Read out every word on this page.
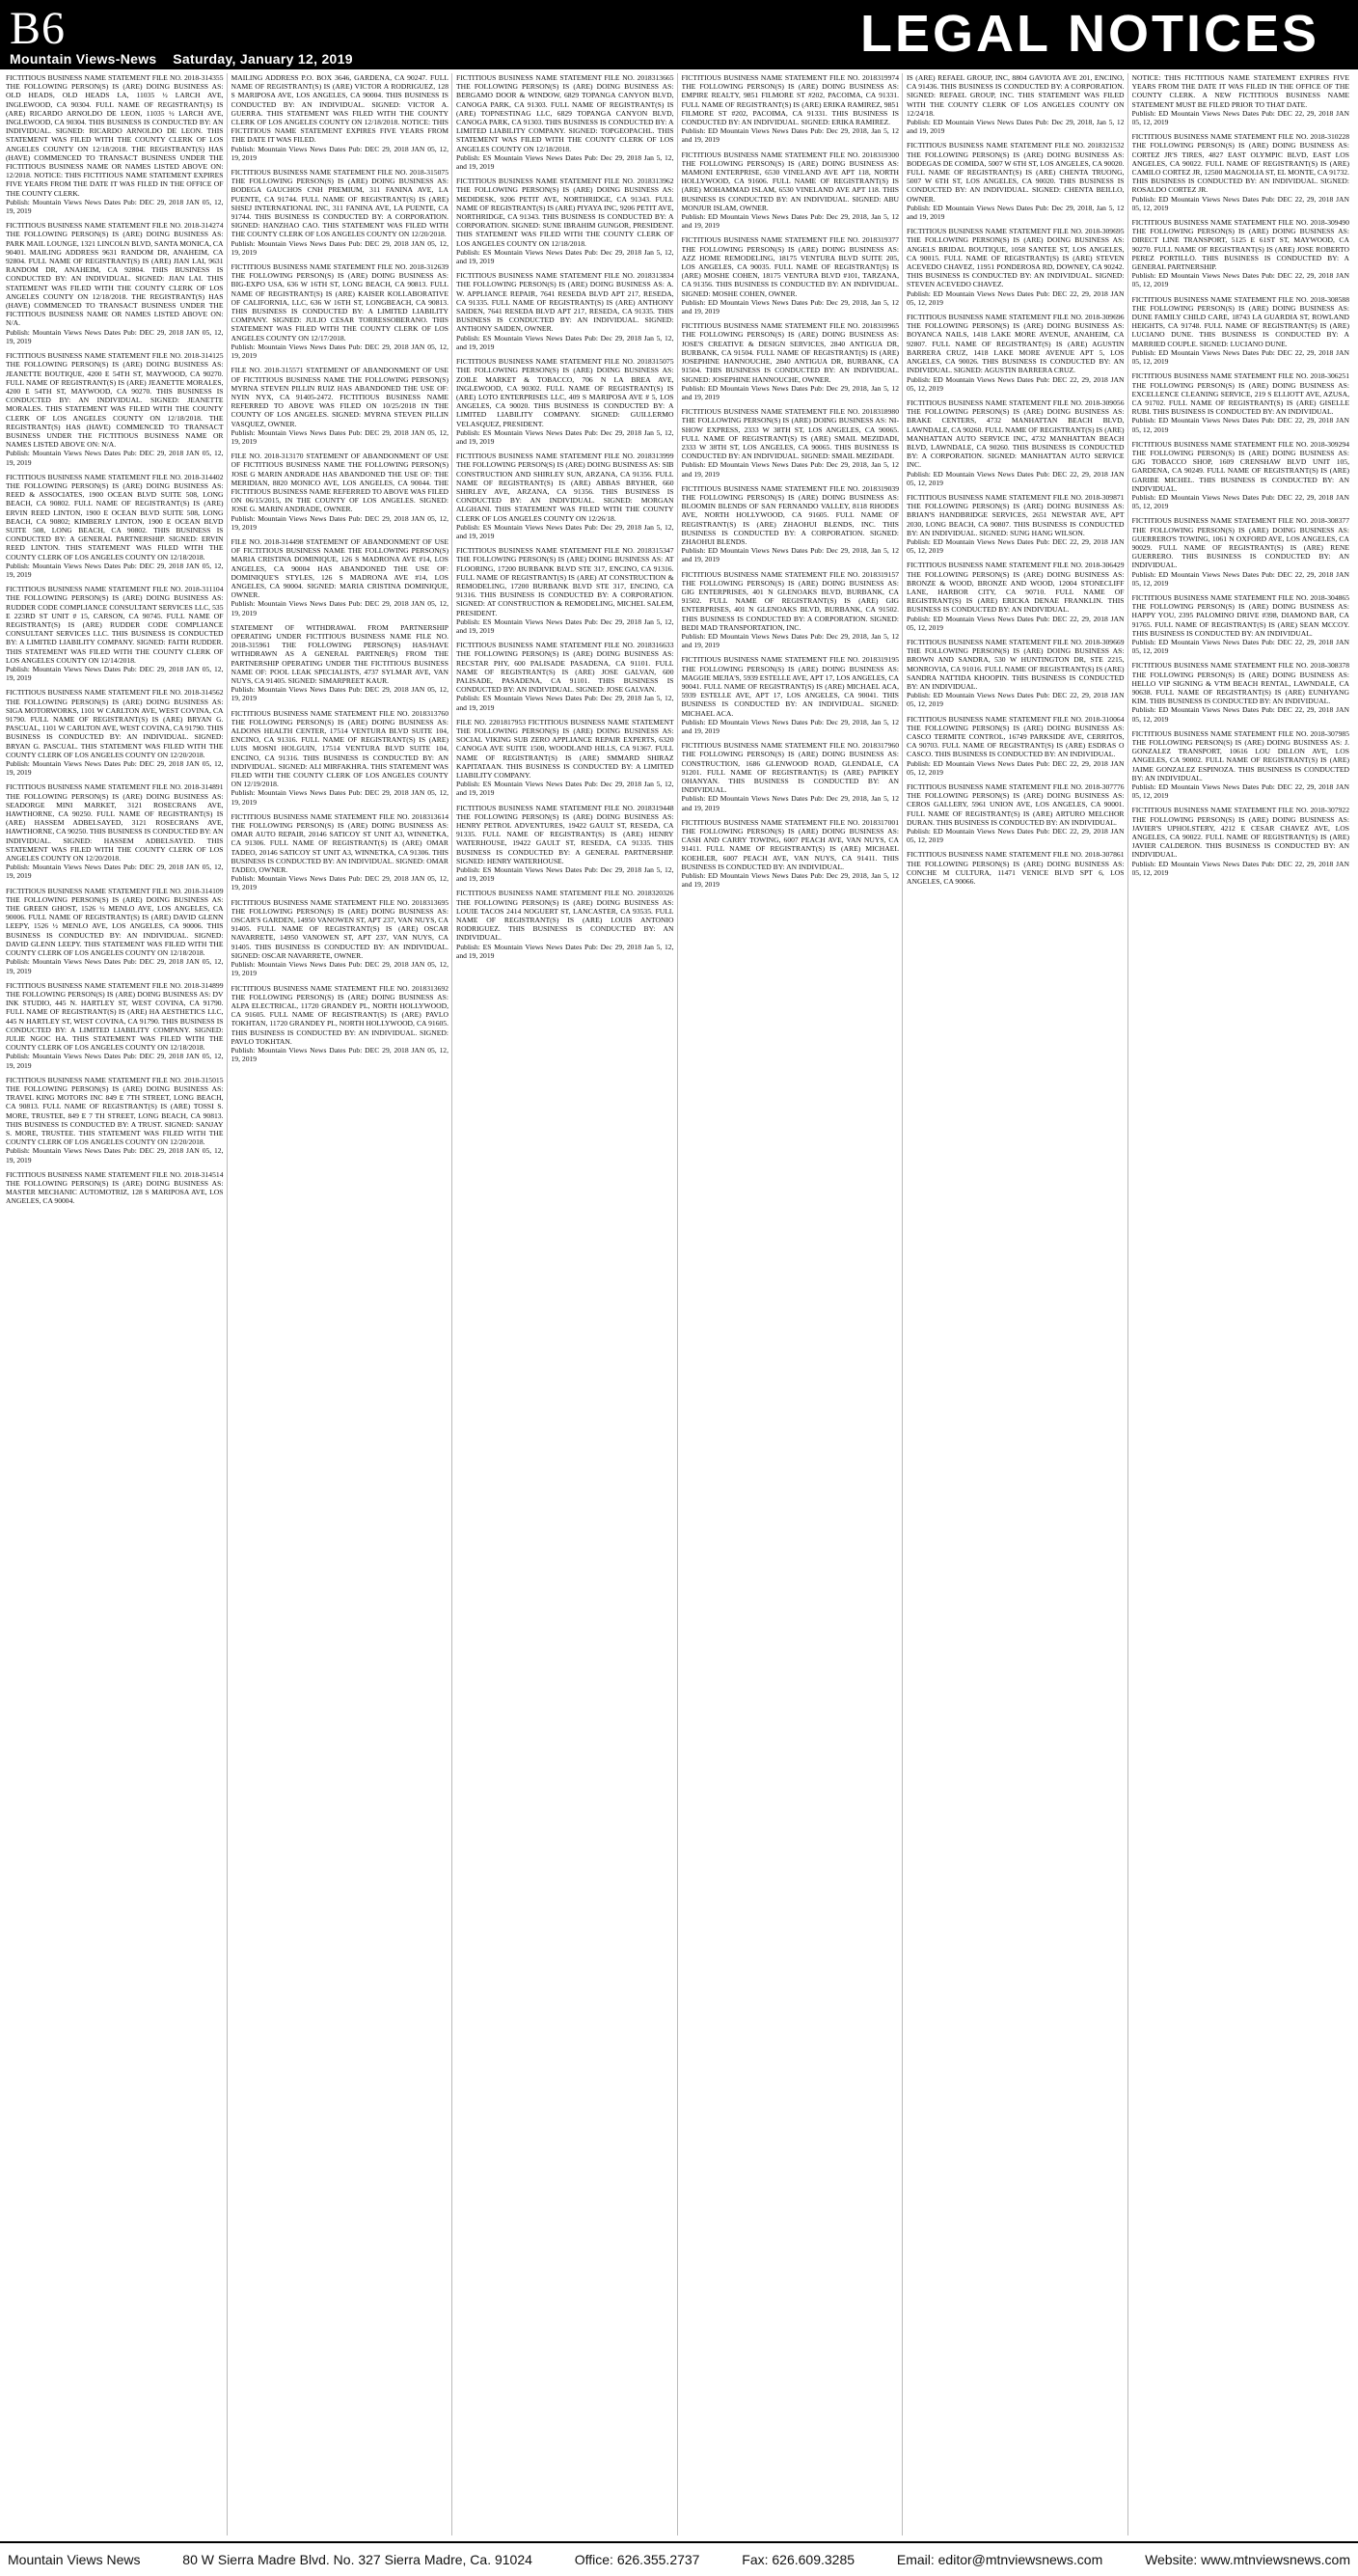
B6	LEGAL NOTICES
Mountain Views-News Saturday, January 12, 2019
FICTITIOUS BUSINESS NAME STATEMENT FILE NO. 2018-314355 THE FOLLOWING PERSON(S) IS (ARE) DOING BUSINESS AS: OLD HEADS, OLD HEADS LA, 11035 ½ LARCH AVE, INGLEWOOD, CA 90304. FULL NAME OF REGISTRANT(S) IS (ARE) RICARDO ARNOLDO DE LEON, 11035 ½ LARCH AVE, INGLEWOOD, CA 90304. THIS BUSINESS IS CONDUCTED BY: AN INDIVIDUAL. SIGNED: RICARDO ARNOLDO DE LEON. THIS STATEMENT WAS FILED WITH THE COUNTY CLERK OF LOS ANGELES COUNTY ON 12/18/2018. THE REGISTRANT(S) HAS (HAVE) COMMENCED TO TRANSACT BUSINESS UNDER THE FICTITIOUS BUSINESS NAME OR NAMES LISTED ABOVE ON: 12/2018. NOTICE: THIS FICTITIOUS NAME STATEMENT EXPIRES FIVE YEARS FROM THE DATE IT WAS FILED IN THE OFFICE OF THE COUNTY CLERK.
Publish: Mountain Views News Dates Pub: DEC 29, 2018 JAN 05, 12, 19, 2019
FICTITIOUS BUSINESS NAME STATEMENT FILE NO. 2018-314274 THE FOLLOWING PERSON(S) IS (ARE) DOING BUSINESS AS: PARK MAIL LOUNGE, 1321 LINCOLN BLVD, SANTA MONICA, CA 90401. MAILING ADDRESS 9631 RANDOM DR, ANAHEIM, CA 92804. FULL NAME OF REGISTRANT(S) IS (ARE) JIAN LAI, 9631 RANDOM DR, ANAHEIM, CA 92804. THIS BUSINESS IS CONDUCTED BY: AN INDIVIDUAL. SIGNED: JIAN LAI. THIS STATEMENT WAS FILED WITH THE COUNTY CLERK OF LOS ANGELES COUNTY ON 12/18/2018. THE REGISTRANT(S) HAS (HAVE) COMMENCED TO TRANSACT BUSINESS UNDER THE FICTITIOUS BUSINESS NAME OR NAMES LISTED ABOVE ON: N/A.
Publish: Mountain Views News Dates Pub: DEC 29, 2018 JAN 05, 12, 19, 2019
FICTITIOUS BUSINESS NAME STATEMENT FILE NO. 2018-314125 THE FOLLOWING PERSON(S) IS (ARE) DOING BUSINESS AS: JEANETTE BOUTIQUE, 4200 E 54TH ST, MAYWOOD, CA 90270. FULL NAME OF REGISTRANT(S) IS (ARE) JEANETTE MORALES, 4200 E 54TH ST, MAYWOOD, CA 90270. THIS BUSINESS IS CONDUCTED BY: AN INDIVIDUAL. SIGNED: JEANETTE MORALES. THIS STATEMENT WAS FILED WITH THE COUNTY CLERK OF LOS ANGELES COUNTY ON 12/18/2018. THE REGISTRANT(S) HAS (HAVE) COMMENCED TO TRANSACT BUSINESS UNDER THE FICTITIOUS BUSINESS NAME OR NAMES LISTED ABOVE ON: N/A.
Publish: Mountain Views News Dates Pub: DEC 29, 2018 JAN 05, 12, 19, 2019
FICTITIOUS BUSINESS NAME STATEMENT FILE NO. 2018-314402 THE FOLLOWING PERSON(S) IS (ARE) DOING BUSINESS AS: REED & ASSOCIATES, 1900 OCEAN BLVD SUITE 508, LONG BEACH, CA 90802. FULL NAME OF REGISTRANT(S) IS (ARE) ERVIN REED LINTON, 1900 E OCEAN BLVD SUITE 508, LONG BEACH, CA 90802; KIMBERLY LINTON, 1900 E OCEAN BLVD SUITE 508, LONG BEACH, CA 90802. THIS BUSINESS IS CONDUCTED BY: A GENERAL PARTNERSHIP. SIGNED: ERVIN REED LINTON. THIS STATEMENT WAS FILED WITH THE COUNTY CLERK OF LOS ANGELES COUNTY ON 12/18/2018.
Publish: Mountain Views News Dates Pub: DEC 29, 2018 JAN 05, 12, 19, 2019
FICTITIOUS BUSINESS NAME STATEMENT FILE NO. 2018-311104 THE FOLLOWING PERSON(S) IS (ARE) DOING BUSINESS AS: RUDDER CODE COMPLIANCE CONSULTANT SERVICES LLC, 535 E 223RD ST UNIT # 15, CARSON, CA 90745. FULL NAME OF REGISTRANT(S) IS (ARE) RUDDER CODE COMPLIANCE CONSULTANT SERVICES LLC. THIS BUSINESS IS CONDUCTED BY: A LIMITED LIABILITY COMPANY. SIGNED: FAITH RUDDER. THIS STATEMENT WAS FILED WITH THE COUNTY CLERK OF LOS ANGELES COUNTY ON 12/14/2018.
Publish: Mountain Views News Dates Pub: DEC 29, 2018 JAN 05, 12, 19, 2019
FICTITIOUS BUSINESS NAME STATEMENT FILE NO. 2018-314562 THE FOLLOWING PERSON(S) IS (ARE) DOING BUSINESS AS: SIGA MOTORWORKS, 1101 W CARLTON AVE, WEST COVINA, CA 91790. FULL NAME OF REGISTRANT(S) IS (ARE) BRYAN G. PASCUAL, 1101 W CARLTON AVE, WEST COVINA, CA 91790. THIS BUSINESS IS CONDUCTED BY: AN INDIVIDUAL. SIGNED: BRYAN G. PASCUAL. THIS STATEMENT WAS FILED WITH THE COUNTY CLERK OF LOS ANGELES COUNTY ON 12/20/2018.
Publish: Mountain Views News Dates Pub: DEC 29, 2018 JAN 05, 12, 19, 2019
FICTITIOUS BUSINESS NAME STATEMENT FILE NO. 2018-314891 THE FOLLOWING PERSON(S) IS (ARE) DOING BUSINESS AS: SEADORGE MINI MARKET, 3121 ROSECRANS AVE, HAWTHORNE, CA 90250. FULL NAME OF REGISTRANT(S) IS (ARE) HASSEM ADBELSAYED, 3121 ROSECRANS AVE, HAWTHORNE, CA 90250. THIS BUSINESS IS CONDUCTED BY: AN INDIVIDUAL. SIGNED: HASSEM ADBELSAYED. THIS STATEMENT WAS FILED WITH THE COUNTY CLERK OF LOS ANGELES COUNTY ON 12/20/2018.
Publish: Mountain Views News Dates Pub: DEC 29, 2018 JAN 05, 12, 19, 2019
FICTITIOUS BUSINESS NAME STATEMENT FILE NO. 2018-314109 THE FOLLOWING PERSON(S) IS (ARE) DOING BUSINESS AS: THE GREEN GHOST, 1526 ½ MENLO AVE, LOS ANGELES, CA 90006. FULL NAME OF REGISTRANT(S) IS (ARE) DAVID GLENN LEEPY, 1526 ½ MENLO AVE, LOS ANGELES, CA 90006. THIS BUSINESS IS CONDUCTED BY: AN INDIVIDUAL. SIGNED: DAVID GLENN LEEPY. THIS STATEMENT WAS FILED WITH THE COUNTY CLERK OF LOS ANGELES COUNTY ON 12/18/2018.
Publish: Mountain Views News Dates Pub: DEC 29, 2018 JAN 05, 12, 19, 2019
FICTITIOUS BUSINESS NAME STATEMENT FILE NO. 2018-314899 THE FOLLOWING PERSON(S) IS (ARE) DOING BUSINESS AS: DV INK STUDIO, 445 N. HARTLEY ST, WEST COVINA, CA 91790. FULL NAME OF REGISTRANT(S) IS (ARE) HA AESTHETICS LLC, 445 N HARTLEY ST, WEST COVINA, CA 91790. THIS BUSINESS IS CONDUCTED BY: A LIMITED LIABILITY COMPANY. SIGNED: JULIE NGOC HA. THIS STATEMENT WAS FILED WITH THE COUNTY CLERK OF LOS ANGELES COUNTY ON 12/18/2018.
Publish: Mountain Views News Dates Pub: DEC 29, 2018 JAN 05, 12, 19, 2019
FICTITIOUS BUSINESS NAME STATEMENT FILE NO. 2018-315015 THE FOLLOWING PERSON(S) IS (ARE) DOING BUSINESS AS: TRAVEL KING MOTORS INC 849 E 7TH STREET, LONG BEACH, CA 90813. FULL NAME OF REGISTRANT(S) IS (ARE) TOSSI S. MORE, TRUSTEE, 849 E 7 TH STREET, LONG BEACH, CA 90813. THIS BUSINESS IS CONDUCTED BY: A TRUST. SIGNED: SANJAY S. MORE, TRUSTEE. THIS STATEMENT WAS FILED WITH THE COUNTY CLERK OF LOS ANGELES COUNTY ON 12/20/2018.
Publish: Mountain Views News Dates Pub: DEC 29, 2018 JAN 05, 12, 19, 2019
FICTITIOUS BUSINESS NAME STATEMENT FILE NO. 2018-314514 THE FOLLOWING PERSON(S) IS (ARE) DOING BUSINESS AS: MASTER MECHANIC AUTOMOTRIZ, 128 S MARIPOSA AVE, LOS ANGELES, CA 90004.
MAILING ADDRESS P.O. BOX 3646, GARDENA, CA 90247. FULL NAME OF REGISTRANT(S) IS (ARE) VICTOR A RODRIGUEZ, 128 S MARIPOSA AVE, LOS ANGELES, CA 90004. THIS BUSINESS IS CONDUCTED BY: AN INDIVIDUAL. SIGNED: VICTOR A. GUERRA. THIS STATEMENT WAS FILED WITH THE COUNTY CLERK OF LOS ANGELES COUNTY ON 12/18/2018. NOTICE: THIS FICTITIOUS NAME STATEMENT EXPIRES FIVE YEARS FROM THE DATE IT WAS FILED.
Publish: Mountain Views News Dates Pub: DEC 29, 2018 JAN 05, 12, 19, 2019
FICTITIOUS BUSINESS NAME STATEMENT FILE NO. 2018-315075 THE FOLLOWING PERSON(S) IS (ARE) DOING BUSINESS AS: BODEGA GAUCHOS CNH PREMIUM, 311 FANINA AVE, LA PUENTE, CA 91744. FULL NAME OF REGISTRANT(S) IS (ARE) SHSEJ INTERNATIONAL INC, 311 FANINA AVE, LA PUENTE, CA 91744. THIS BUSINESS IS CONDUCTED BY: A CORPORATION. SIGNED: HANZHAO CAO. THIS STATEMENT WAS FILED WITH THE COUNTY CLERK OF LOS ANGELES COUNTY ON 12/20/2018.
Publish: Mountain Views News Dates Pub: DEC 29, 2018 JAN 05, 12, 19, 2019
FICTITIOUS BUSINESS NAME STATEMENT FILE NO. 2018-312639 THE FOLLOWING PERSON(S) IS (ARE) DOING BUSINESS AS: BIG-EXPO USA, 636 W 16TH ST, LONG BEACH, CA 90813. FULL NAME OF REGISTRANT(S) IS (ARE) KAISER KOLLABORATIVE OF CALIFORNIA, LLC, 636 W 16TH ST, LONGBEACH, CA 90813. THIS BUSINESS IS CONDUCTED BY: A LIMITED LIABILITY COMPANY. SIGNED: JULIO CESAR TORRESSOBERANO. THIS STATEMENT WAS FILED WITH THE COUNTY CLERK OF LOS ANGELES COUNTY ON 12/17/2018.
Publish: Mountain Views News Dates Pub: DEC 29, 2018 JAN 05, 12, 19, 2019
FILE NO. 2018-315571 STATEMENT OF ABANDONMENT OF USE OF FICTITIOUS BUSINESS NAME THE FOLLOWING PERSON(S) MYRNA STEVEN PILLIN RUIZ HAS ABANDONED THE USE OF: NYIN NYX, CA 91405-2472. FICTITIOUS BUSINESS NAME REFERRED TO ABOVE WAS FILED ON 10/25/2018 IN THE COUNTY OF LOS ANGELES. SIGNED: MYRNA STEVEN PILLIN VASQUEZ, OWNER.
Publish: Mountain Views News Dates Pub: DEC 29, 2018 JAN 05, 12, 19, 2019
FILE NO. 2018-313170 STATEMENT OF ABANDONMENT OF USE OF FICTITIOUS BUSINESS NAME THE FOLLOWING PERSON(S) JOSE G MARIN ANDRADE HAS ABANDONED THE USE OF: THE MERIDIAN, 8820 MONICO AVE, LOS ANGELES, CA 90044. THE FICTITIOUS BUSINESS NAME REFERRED TO ABOVE WAS FILED ON 06/15/2015, IN THE COUNTY OF LOS ANGELES. SIGNED: JOSE G. MARIN ANDRADE, OWNER.
Publish: Mountain Views News Dates Pub: DEC 29, 2018 JAN 05, 12, 19, 2019
FILE NO. 2018-314498 STATEMENT OF ABANDONMENT OF USE OF FICTITIOUS BUSINESS NAME THE FOLLOWING PERSON(S) MARIA CRISTINA DOMINIQUE, 126 S MADRONA AVE #14, LOS ANGELES, CA 90004 HAS ABANDONED THE USE OF: DOMINIQUE'S STYLES, 126 S MADRONA AVE #14, LOS ANGELES, CA 90004. SIGNED: MARIA CRISTINA DOMINIQUE, OWNER.
Publish: Mountain Views News Dates Pub: DEC 29, 2018 JAN 05, 12, 19, 2019
STATEMENT OF WITHDRAWAL FROM PARTNERSHIP OPERATING UNDER FICTITIOUS BUSINESS NAME FILE NO. 2018-315961 THE FOLLOWING PERSON(S) HAS/HAVE WITHDRAWN AS A GENERAL PARTNER(S) FROM THE PARTNERSHIP OPERATING UNDER THE FICTITIOUS BUSINESS NAME OF: POOL LEAK SPECIALISTS, 4737 SYLMAR AVE, VAN NUYS, CA 91405. SIGNED: SIMARPREET KAUR.
Publish: Mountain Views News Dates Pub: DEC 29, 2018 JAN 05, 12, 19, 2019
FICTITIOUS BUSINESS NAME STATEMENT FILE NO. 2018313760 THE FOLLOWING PERSON(S) IS (ARE) DOING BUSINESS AS: ALDONS HEALTH CENTER, 17514 VENTURA BLVD SUITE 104, ENCINO, CA 91316. FULL NAME OF REGISTRANT(S) IS (ARE) LUIS MOSNI HOLGUIN, 17514 VENTURA BLVD SUITE 104, ENCINO, CA 91316. THIS BUSINESS IS CONDUCTED BY: AN INDIVIDUAL. SIGNED: ALI MIRFAKHRA. THIS STATEMENT WAS FILED WITH THE COUNTY CLERK OF LOS ANGELES COUNTY ON 12/19/2018.
Publish: Mountain Views News Dates Pub: DEC 29, 2018 JAN 05, 12, 19, 2019
FICTITIOUS BUSINESS NAME STATEMENT FILE NO. 2018313614 THE FOLLOWING PERSON(S) IS (ARE) DOING BUSINESS AS: OMAR AUTO REPAIR, 20146 SATICOY ST UNIT A3, WINNETKA, CA 91306. FULL NAME OF REGISTRANT(S) IS (ARE) OMAR TADEO, 20146 SATICOY ST UNIT A3, WINNETKA, CA 91306. THIS BUSINESS IS CONDUCTED BY: AN INDIVIDUAL. SIGNED: OMAR TADEO, OWNER.
Publish: Mountain Views News Dates Pub: DEC 29, 2018 JAN 05, 12, 19, 2019
FICTITIOUS BUSINESS NAME STATEMENT FILE NO. 2018313695 THE FOLLOWING PERSON(S) IS (ARE) DOING BUSINESS AS: OSCAR'S GARDEN, 14950 VANOWEN ST, APT 237, VAN NUYS, CA 91405. FULL NAME OF REGISTRANT(S) IS (ARE) OSCAR NAVARRETE, 14950 VANOWEN ST, APT 237, VAN NUYS, CA 91405. THIS BUSINESS IS CONDUCTED BY: AN INDIVIDUAL. SIGNED: OSCAR NAVARRETE, OWNER.
Publish: Mountain Views News Dates Pub: DEC 29, 2018 JAN 05, 12, 19, 2019
FICTITIOUS BUSINESS NAME STATEMENT FILE NO. 2018313692 THE FOLLOWING PERSON(S) IS (ARE) DOING BUSINESS AS: ALPA ELECTRICAL, 11720 GRANDEY PL, NORTH HOLLYWOOD, CA 91605. FULL NAME OF REGISTRANT(S) IS (ARE) PAVLO TOKHTAN, 11720 GRANDEY PL, NORTH HOLLYWOOD, CA 91605. THIS BUSINESS IS CONDUCTED BY: AN INDIVIDUAL. SIGNED: PAVLO TOKHTAN.
Publish: Mountain Views News Dates Pub: DEC 29, 2018 JAN 05, 12, 19, 2019
FICTITIOUS BUSINESS NAME STATEMENT FILE NO. 2018313665 THE FOLLOWING PERSON(S) IS (ARE) DOING BUSINESS AS: BERGAMO DOOR & WINDOW, 6829 TOPANGA CANYON BLVD, CANOGA PARK, CA 91303. FULL NAME OF REGISTRANT(S) IS (ARE) TOPNESTINAG LLC, 6829 TOPANGA CANYON BLVD, CANOGA PARK, CA 91303. THIS BUSINESS IS CONDUCTED BY: A LIMITED LIABILITY COMPANY. SIGNED: TOPGEOPACHL. THIS STATEMENT WAS FILED WITH THE COUNTY CLERK OF LOS ANGELES COUNTY ON 12/18/2018.
Publish: ES Mountain Views News Dates Pub: Dec 29, 2018 Jan 5, 12, and 19, 2019
FICTITIOUS BUSINESS NAME STATEMENT FILE NO. 2018313962 THE FOLLOWING PERSON(S) IS (ARE) DOING BUSINESS AS: MEDIDESK, 9206 PETIT AVE, NORTHRIDGE, CA 91343. FULL NAME OF REGISTRANT(S) IS (ARE) PIYAYA INC, 9206 PETIT AVE, NORTHRIDGE, CA 91343. THIS BUSINESS IS CONDUCTED BY: A CORPORATION. SIGNED: SUNE IBRAHIM GUNGOR, PRESIDENT. THIS STATEMENT WAS FILED WITH THE COUNTY CLERK OF LOS ANGELES COUNTY ON 12/18/2018.
Publish: ES Mountain Views News Dates Pub: Dec 29, 2018 Jan 5, 12, and 19, 2019
FICTITIOUS BUSINESS NAME STATEMENT FILE NO. 2018313834 THE FOLLOWING PERSON(S) IS (ARE) DOING BUSINESS AS: A. W. APPLIANCE REPAIR, 7641 RESEDA BLVD APT 217, RESEDA, CA 91335. FULL NAME OF REGISTRANT(S) IS (ARE) ANTHONY SAIDEN, 7641 RESEDA BLVD APT 217, RESEDA, CA 91335. THIS BUSINESS IS CONDUCTED BY: AN INDIVIDUAL. SIGNED: ANTHONY SAIDEN, OWNER.
Publish: ES Mountain Views News Dates Pub: Dec 29, 2018 Jan 5, 12, and 19, 2019
FICTITIOUS BUSINESS NAME STATEMENT FILE NO. 2018315075 THE FOLLOWING PERSON(S) IS (ARE) DOING BUSINESS AS: ZOILE MARKET & TOBACCO, 706 N LA BREA AVE, INGLEWOOD, CA 90302. FULL NAME OF REGISTRANT(S) IS (ARE) LOTO ENTERPRISES LLC, 409 S MARIPOSA AVE # 5, LOS ANGELES, CA 90020. THIS BUSINESS IS CONDUCTED BY: A LIMITED LIABILITY COMPANY. SIGNED: GUILLERMO VELASQUEZ, PRESIDENT.
Publish: ES Mountain Views News Dates Pub: Dec 29, 2018 Jan 5, 12, and 19, 2019
FICTITIOUS BUSINESS NAME STATEMENT FILE NO. 2018313999 THE FOLLOWING PERSON(S) IS (ARE) DOING BUSINESS AS: SIB CONSTRUCTION AND SHIRLEY SUN, ARZANA, CA 91356. FULL NAME OF REGISTRANT(S) IS (ARE) ABBAS BRYHER, 660 SHIRLEY AVE, ARZANA, CA 91356. THIS BUSINESS IS CONDUCTED BY: AN INDIVIDUAL. SIGNED: MORGAN ALGHANI. THIS STATEMENT WAS FILED WITH THE COUNTY CLERK OF LOS ANGELES COUNTY ON 12/26/18.
Publish: ES Mountain Views News Dates Pub: Dec 29, 2018 Jan 5, 12, and 19, 2019
FICTITIOUS BUSINESS NAME STATEMENT FILE NO. 2018315347 THE FOLLOWING PERSON(S) IS (ARE) DOING BUSINESS AS: AT FLOORING, 17200 BURBANK BLVD STE 317, ENCINO, CA 91316. FULL NAME OF REGISTRANT(S) IS (ARE) AT CONSTRUCTION & REMODELING, 17200 BURBANK BLVD STE 317, ENCINO, CA 91316. THIS BUSINESS IS CONDUCTED BY: A CORPORATION. SIGNED: AT CONSTRUCTION & REMODELING, MICHEL SALEM, PRESIDENT.
Publish: ES Mountain Views News Dates Pub: Dec 29, 2018 Jan 5, 12, and 19, 2019
FICTITIOUS BUSINESS NAME STATEMENT FILE NO. 2018316633 THE FOLLOWING PERSON(S) IS (ARE) DOING BUSINESS AS: RECSTAR PHY, 600 PALISADE PASADENA, CA 91101. FULL NAME OF REGISTRANT(S) IS (ARE) JOSE GALVAN, 600 PALISADE, PASADENA, CA 91101. THIS BUSINESS IS CONDUCTED BY: AN INDIVIDUAL. SIGNED: JOSE GALVAN.
Publish: ES Mountain Views News Dates Pub: Dec 29, 2018 Jan 5, 12, and 19, 2019
FILE NO. 2201817953 FICTITIOUS BUSINESS NAME STATEMENT THE FOLLOWING PERSON(S) IS (ARE) DOING BUSINESS AS: SOCIAL VIKING SUB ZERO APPLIANCE REPAIR EXPERTS, 6320 CANOGA AVE SUITE 1500, WOODLAND HILLS, CA 91367. FULL NAME OF REGISTRANT(S) IS (ARE) SMMARD SHIRAZ KAPITATAAN. THIS BUSINESS IS CONDUCTED BY: A LIMITED LIABILITY COMPANY.
Publish: ES Mountain Views News Dates Pub: Dec 29, 2018 Jan 5, 12, and 19, 2019
FICTITIOUS BUSINESS NAME STATEMENT FILE NO. 2018319448 THE FOLLOWING PERSON(S) IS (ARE) DOING BUSINESS AS: HENRY PETROL ADVENTURES, 19422 GAULT ST, RESEDA, CA 91335. FULL NAME OF REGISTRANT(S) IS (ARE) HENRY WATERHOUSE, 19422 GAULT ST, RESEDA, CA 91335. THIS BUSINESS IS CONDUCTED BY: A GENERAL PARTNERSHIP. SIGNED: HENRY WATERHOUSE.
Publish: ES Mountain Views News Dates Pub: Dec 29, 2018 Jan 5, 12, and 19, 2019
FICTITIOUS BUSINESS NAME STATEMENT FILE NO. 2018320326 THE FOLLOWING PERSON(S) IS (ARE) DOING BUSINESS AS: LOUIE TACOS 2414 NOGUERT ST, LANCASTER, CA 93535. FULL NAME OF REGISTRANT(S) IS (ARE) LOUIS ANTONIO RODRIGUEZ. THIS BUSINESS IS CONDUCTED BY: AN INDIVIDUAL.
Publish: ES Mountain Views News Dates Pub: Dec 29, 2018 Jan 5, 12, and 19, 2019
FICTITIOUS BUSINESS NAME STATEMENT FILE NO. 2018319974 THE FOLLOWING PERSON(S) IS (ARE) DOING BUSINESS AS: EMPIRE REALTY, 9851 FILMORE ST #202, PACOIMA, CA 91331. FULL NAME OF REGISTRANT(S) IS (ARE) ERIKA RAMIREZ, 9851 FILMORE ST #202, PACOIMA, CA 91331. THIS BUSINESS IS CONDUCTED BY: AN INDIVIDUAL. SIGNED: ERIKA RAMIREZ.
Publish: ED Mountain Views News Dates Pub: Dec 29, 2018, Jan 5, 12 and 19, 2019
FICTITIOUS BUSINESS NAME STATEMENT FILE NO. 2018319300 THE FOLLOWING PERSON(S) IS (ARE) DOING BUSINESS AS: MAMONI ENTERPRISE, 6530 VINELAND AVE APT 118, NORTH HOLLYWOOD, CA 91606. FULL NAME OF REGISTRANT(S) IS (ARE) MOHAMMAD ISLAM, 6530 VINELAND AVE APT 118. THIS BUSINESS IS CONDUCTED BY: AN INDIVIDUAL. SIGNED: ABU MONJUR ISLAM, OWNER.
Publish: ED Mountain Views News Dates Pub: Dec 29, 2018, Jan 5, 12 and 19, 2019
FICTITIOUS BUSINESS NAME STATEMENT FILE NO. 2018319377 THE FOLLOWING PERSON(S) IS (ARE) DOING BUSINESS AS: AZZ HOME REMODELING, 18175 VENTURA BLVD SUITE 205, LOS ANGELES, CA 90035. FULL NAME OF REGISTRANT(S) IS (ARE) MOSHE COHEN, 18175 VENTURA BLVD #101, TARZANA, CA 91356. THIS BUSINESS IS CONDUCTED BY: AN INDIVIDUAL. SIGNED: MOSHE COHEN, OWNER.
Publish: ED Mountain Views News Dates Pub: Dec 29, 2018, Jan 5, 12 and 19, 2019
FICTITIOUS BUSINESS NAME STATEMENT FILE NO. 2018319965 THE FOLLOWING PERSON(S) IS (ARE) DOING BUSINESS AS: JOSE'S CREATIVE & DESIGN SERVICES, 2840 ANTIGUA DR, BURBANK, CA 91504. FULL NAME OF REGISTRANT(S) IS (ARE) JOSEPHINE HANNOUCHE, 2840 ANTIGUA DR, BURBANK, CA 91504. THIS BUSINESS IS CONDUCTED BY: AN INDIVIDUAL. SIGNED: JOSEPHINE HANNOUCHE, OWNER.
Publish: ED Mountain Views News Dates Pub: Dec 29, 2018, Jan 5, 12 and 19, 2019
FICTITIOUS BUSINESS NAME STATEMENT FILE NO. 2018318980 THE FOLLOWING PERSON(S) IS (ARE) DOING BUSINESS AS: NI-SHOW EXPRESS, 2333 W 38TH ST, LOS ANGELES, CA 90065. FULL NAME OF REGISTRANT(S) IS (ARE) SMAIL MEZIDADI, 2333 W 38TH ST, LOS ANGELES, CA 90065. THIS BUSINESS IS CONDUCTED BY: AN INDIVIDUAL. SIGNED: SMAIL MEZIDADI.
Publish: ED Mountain Views News Dates Pub: Dec 29, 2018, Jan 5, 12 and 19, 2019
FICTITIOUS BUSINESS NAME STATEMENT FILE NO. 2018319039 THE FOLLOWING PERSON(S) IS (ARE) DOING BUSINESS AS: BLOOMIN BLENDS OF SAN FERNANDO VALLEY, 8118 RHODES AVE, NORTH HOLLYWOOD, CA 91605. FULL NAME OF REGISTRANT(S) IS (ARE) ZHAOHUI BLENDS, INC. THIS BUSINESS IS CONDUCTED BY: A CORPORATION. SIGNED: ZHAOHUI BLENDS.
Publish: ED Mountain Views News Dates Pub: Dec 29, 2018, Jan 5, 12 and 19, 2019
FICTITIOUS BUSINESS NAME STATEMENT FILE NO. 2018319157 THE FOLLOWING PERSON(S) IS (ARE) DOING BUSINESS AS: GIG ENTERPRISES, 401 N GLENOAKS BLVD, BURBANK, CA 91502. FULL NAME OF REGISTRANT(S) IS (ARE) GIG ENTERPRISES, 401 N GLENOAKS BLVD, BURBANK, CA 91502. THIS BUSINESS IS CONDUCTED BY: A CORPORATION. SIGNED: BEDI MAD TRANSPORTATION, INC.
Publish: ED Mountain Views News Dates Pub: Dec 29, 2018, Jan 5, 12 and 19, 2019
FICTITIOUS BUSINESS NAME STATEMENT FILE NO. 2018319195 THE FOLLOWING PERSON(S) IS (ARE) DOING BUSINESS AS: MAGGIE MEJIA'S, 5939 ESTELLE AVE, APT 17, LOS ANGELES, CA 90041. FULL NAME OF REGISTRANT(S) IS (ARE) MICHAEL ACA, 5939 ESTELLE AVE, APT 17, LOS ANGELES, CA 90041. THIS BUSINESS IS CONDUCTED BY: AN INDIVIDUAL. SIGNED: MICHAEL ACA.
Publish: ED Mountain Views News Dates Pub: Dec 29, 2018, Jan 5, 12 and 19, 2019
FICTITIOUS BUSINESS NAME STATEMENT FILE NO. 2018317960 THE FOLLOWING PERSON(S) IS (ARE) DOING BUSINESS AS: CONSTRUCTION, 1686 GLENWOOD ROAD, GLENDALE, CA 91201. FULL NAME OF REGISTRANT(S) IS (ARE) PAPIKEY OHANYAN. THIS BUSINESS IS CONDUCTED BY: AN INDIVIDUAL.
Publish: ED Mountain Views News Dates Pub: Dec 29, 2018, Jan 5, 12 and 19, 2019
FICTITIOUS BUSINESS NAME STATEMENT FILE NO. 2018317001 THE FOLLOWING PERSON(S) IS (ARE) DOING BUSINESS AS: CASH AND CARRY TOWING, 6007 PEACH AVE, VAN NUYS, CA 91411. FULL NAME OF REGISTRANT(S) IS (ARE) MICHAEL KOEHLER, 6007 PEACH AVE, VAN NUYS, CA 91411. THIS BUSINESS IS CONDUCTED BY: AN INDIVIDUAL.
Publish: ED Mountain Views News Dates Pub: Dec 29, 2018, Jan 5, 12 and 19, 2019
IS (ARE) REFAEL GROUP, INC, 8804 GAVIOTA AVE 201, ENCINO, CA 91436. THIS BUSINESS IS CONDUCTED BY: A CORPORATION. SIGNED: REFAEL GROUP, INC. THIS STATEMENT WAS FILED WITH THE COUNTY CLERK OF LOS ANGELES COUNTY ON 12/24/18.
Publish: ED Mountain Views News Dates Pub: Dec 29, 2018, Jan 5, 12 and 19, 2019
FICTITIOUS BUSINESS NAME STATEMENT FILE NO. 2018321532 THE FOLLOWING PERSON(S) IS (ARE) DOING BUSINESS AS: BODEGAS DE COMIDA, 5007 W 6TH ST, LOS ANGELES, CA 90020. FULL NAME OF REGISTRANT(S) IS (ARE) CHENTA TRUONG, 5007 W 6TH ST, LOS ANGELES, CA 90020. THIS BUSINESS IS CONDUCTED BY: AN INDIVIDUAL. SIGNED: CHENTA BEILLO, OWNER.
Publish: ED Mountain Views News Dates Pub: Dec 29, 2018, Jan 5, 12 and 19, 2019
FICTITIOUS BUSINESS NAME STATEMENT FILE NO. 2018-309695 THE FOLLOWING PERSON(S) IS (ARE) DOING BUSINESS AS: ANGELS BRIDAL BOUTIQUE, 1058 SANTEE ST, LOS ANGELES, CA 90015. FULL NAME OF REGISTRANT(S) IS (ARE) STEVEN ACEVEDO CHAVEZ, 11951 PONDEROSA RD, DOWNEY, CA 90242. THIS BUSINESS IS CONDUCTED BY: AN INDIVIDUAL. SIGNED: STEVEN ACEVEDO CHAVEZ.
Publish: ED Mountain Views News Dates Pub: DEC 22, 29, 2018 JAN 05, 12, 2019
FICTITIOUS BUSINESS NAME STATEMENT FILE NO. 2018-309696 THE FOLLOWING PERSON(S) IS (ARE) DOING BUSINESS AS: BOYANCA NAILS, 1418 LAKE MORE AVENUE, ANAHEIM, CA 92807. FULL NAME OF REGISTRANT(S) IS (ARE) AGUSTIN BARRERA CRUZ, 1418 LAKE MORE AVENUE APT 5, LOS ANGELES, CA 90026. THIS BUSINESS IS CONDUCTED BY: AN INDIVIDUAL. SIGNED: AGUSTIN BARRERA CRUZ.
Publish: ED Mountain Views News Dates Pub: DEC 22, 29, 2018 JAN 05, 12, 2019
FICTITIOUS BUSINESS NAME STATEMENT FILE NO. 2018-309056 THE FOLLOWING PERSON(S) IS (ARE) DOING BUSINESS AS: BRAKE CENTERS, 4732 MANHATTAN BEACH BLVD, LAWNDALE, CA 90260. FULL NAME OF REGISTRANT(S) IS (ARE) MANHATTAN AUTO SERVICE INC, 4732 MANHATTAN BEACH BLVD, LAWNDALE, CA 90260. THIS BUSINESS IS CONDUCTED BY: A CORPORATION. SIGNED: MANHATTAN AUTO SERVICE INC.
Publish: ED Mountain Views News Dates Pub: DEC 22, 29, 2018 JAN 05, 12, 2019
FICTITIOUS BUSINESS NAME STATEMENT FILE NO. 2018-309871 THE FOLLOWING PERSON(S) IS (ARE) DOING BUSINESS AS: BRIAN'S HANDBRIDGE SERVICES, 2651 NEWSTAR AVE, APT 2030, LONG BEACH, CA 90807. THIS BUSINESS IS CONDUCTED BY: AN INDIVIDUAL. SIGNED: SUNG HANG WILSON.
Publish: ED Mountain Views News Dates Pub: DEC 22, 29, 2018 JAN 05, 12, 2019
FICTITIOUS BUSINESS NAME STATEMENT FILE NO. 2018-306429 THE FOLLOWING PERSON(S) IS (ARE) DOING BUSINESS AS: BRONZE & WOOD, BRONZE AND WOOD, 12004 STONECLIFF LANE, HARBOR CITY, CA 90710. FULL NAME OF REGISTRANT(S) IS (ARE) ERICKA DENAE FRANKLIN. THIS BUSINESS IS CONDUCTED BY: AN INDIVIDUAL.
Publish: ED Mountain Views News Dates Pub: DEC 22, 29, 2018 JAN 05, 12, 2019
FICTITIOUS BUSINESS NAME STATEMENT FILE NO. 2018-309669 THE FOLLOWING PERSON(S) IS (ARE) DOING BUSINESS AS: BROWN AND SANDRA, 530 W HUNTINGTON DR, STE 2215, MONROVIA, CA 91016. FULL NAME OF REGISTRANT(S) IS (ARE) SANDRA NATTIDA KHOOPIN. THIS BUSINESS IS CONDUCTED BY: AN INDIVIDUAL.
Publish: ED Mountain Views News Dates Pub: DEC 22, 29, 2018 JAN 05, 12, 2019
FICTITIOUS BUSINESS NAME STATEMENT FILE NO. 2018-310064 THE FOLLOWING PERSON(S) IS (ARE) DOING BUSINESS AS: CASCO TERMITE CONTROL, 16749 PARKSIDE AVE, CERRITOS, CA 90703. FULL NAME OF REGISTRANT(S) IS (ARE) ESDRAS O CASCO. THIS BUSINESS IS CONDUCTED BY: AN INDIVIDUAL.
Publish: ED Mountain Views News Dates Pub: DEC 22, 29, 2018 JAN 05, 12, 2019
FICTITIOUS BUSINESS NAME STATEMENT FILE NO. 2018-307776 THE FOLLOWING PERSON(S) IS (ARE) DOING BUSINESS AS: CEROS GALLERY, 5961 UNION AVE, LOS ANGELES, CA 90001. FULL NAME OF REGISTRANT(S) IS (ARE) ARTURO MELCHOR DURAN. THIS BUSINESS IS CONDUCTED BY: AN INDIVIDUAL.
Publish: ED Mountain Views News Dates Pub: DEC 22, 29, 2018 JAN 05, 12, 2019
FICTITIOUS BUSINESS NAME STATEMENT FILE NO. 2018-307861 THE FOLLOWING PERSON(S) IS (ARE) DOING BUSINESS AS: CONCHE M CULTURA, 11471 VENICE BLVD SPT 6, LOS ANGELES, CA 90066.
NOTICE: THIS FICTITIOUS NAME STATEMENT EXPIRES FIVE YEARS FROM THE DATE IT WAS FILED IN THE OFFICE OF THE COUNTY CLERK. A NEW FICTITIOUS BUSINESS NAME STATEMENT MUST BE FILED PRIOR TO THAT DATE.
Publish: ED Mountain Views News Dates Pub: DEC 22, 29, 2018 JAN 05, 12, 2019
FICTITIOUS BUSINESS NAME STATEMENT FILE NO. 2018-310228 THE FOLLOWING PERSON(S) IS (ARE) DOING BUSINESS AS: CORTEZ JR'S TIRES, 4827 EAST OLYMPIC BLVD, EAST LOS ANGELES, CA 90022. FULL NAME OF REGISTRANT(S) IS (ARE) CAMILO CORTEZ JR, 12500 MAGNOLIA ST, EL MONTE, CA 91732. THIS BUSINESS IS CONDUCTED BY: AN INDIVIDUAL. SIGNED: ROSALDO CORTEZ JR.
Publish: ED Mountain Views News Dates Pub: DEC 22, 29, 2018 JAN 05, 12, 2019
FICTITIOUS BUSINESS NAME STATEMENT FILE NO. 2018-309490 THE FOLLOWING PERSON(S) IS (ARE) DOING BUSINESS AS: DIRECT LINE TRANSPORT, 5125 E 61ST ST, MAYWOOD, CA 90270. FULL NAME OF REGISTRANT(S) IS (ARE) JOSE ROBERTO PEREZ PORTILLO. THIS BUSINESS IS CONDUCTED BY: A GENERAL PARTNERSHIP.
Publish: ED Mountain Views News Dates Pub: DEC 22, 29, 2018 JAN 05, 12, 2019
FICTITIOUS BUSINESS NAME STATEMENT FILE NO. 2018-308588 THE FOLLOWING PERSON(S) IS (ARE) DOING BUSINESS AS: DUNE FAMILY CHILD CARE, 18743 LA GUARDIA ST, ROWLAND HEIGHTS, CA 91748. FULL NAME OF REGISTRANT(S) IS (ARE) LUCIANO DUNE. THIS BUSINESS IS CONDUCTED BY: A MARRIED COUPLE. SIGNED: LUCIANO DUNE.
Publish: ED Mountain Views News Dates Pub: DEC 22, 29, 2018 JAN 05, 12, 2019
FICTITIOUS BUSINESS NAME STATEMENT FILE NO. 2018-306251 THE FOLLOWING PERSON(S) IS (ARE) DOING BUSINESS AS: EXCELLENCE CLEANING SERVICE, 219 S ELLIOTT AVE, AZUSA, CA 91702. FULL NAME OF REGISTRANT(S) IS (ARE) GISELLE RUBI. THIS BUSINESS IS CONDUCTED BY: AN INDIVIDUAL.
Publish: ED Mountain Views News Dates Pub: DEC 22, 29, 2018 JAN 05, 12, 2019
FICTITIOUS BUSINESS NAME STATEMENT FILE NO. 2018-309294 THE FOLLOWING PERSON(S) IS (ARE) DOING BUSINESS AS: GJG TOBACCO SHOP, 1609 CRENSHAW BLVD UNIT 105, GARDENA, CA 90249. FULL NAME OF REGISTRANT(S) IS (ARE) GARIBE MICHEL. THIS BUSINESS IS CONDUCTED BY: AN INDIVIDUAL.
Publish: ED Mountain Views News Dates Pub: DEC 22, 29, 2018 JAN 05, 12, 2019
FICTITIOUS BUSINESS NAME STATEMENT FILE NO. 2018-308377 THE FOLLOWING PERSON(S) IS (ARE) DOING BUSINESS AS: GUERRERO'S TOWING, 1061 N OXFORD AVE, LOS ANGELES, CA 90029. FULL NAME OF REGISTRANT(S) IS (ARE) RENE GUERRERO. THIS BUSINESS IS CONDUCTED BY: AN INDIVIDUAL.
Publish: ED Mountain Views News Dates Pub: DEC 22, 29, 2018 JAN 05, 12, 2019
FICTITIOUS BUSINESS NAME STATEMENT FILE NO. 2018-304865 THE FOLLOWING PERSON(S) IS (ARE) DOING BUSINESS AS: HAPPY YOU, 2395 PALOMINO DRIVE #398, DIAMOND BAR, CA 91765. FULL NAME OF REGISTRANT(S) IS (ARE) SEAN MCCOY. THIS BUSINESS IS CONDUCTED BY: AN INDIVIDUAL.
Publish: ED Mountain Views News Dates Pub: DEC 22, 29, 2018 JAN 05, 12, 2019
FICTITIOUS BUSINESS NAME STATEMENT FILE NO. 2018-308378 THE FOLLOWING PERSON(S) IS (ARE) DOING BUSINESS AS: HELLO VIP SIGNING & VTM BEACH RENTAL, LAWNDALE, CA 90638. FULL NAME OF REGISTRANT(S) IS (ARE) EUNHYANG KIM. THIS BUSINESS IS CONDUCTED BY: AN INDIVIDUAL.
Publish: ED Mountain Views News Dates Pub: DEC 22, 29, 2018 JAN 05, 12, 2019
FICTITIOUS BUSINESS NAME STATEMENT FILE NO. 2018-307985 THE FOLLOWING PERSON(S) IS (ARE) DOING BUSINESS AS: J. GONZALEZ TRANSPORT, 10616 LOU DILLON AVE, LOS ANGELES, CA 90002. FULL NAME OF REGISTRANT(S) IS (ARE) JAIME GONZALEZ ESPINOZA. THIS BUSINESS IS CONDUCTED BY: AN INDIVIDUAL.
Publish: ED Mountain Views News Dates Pub: DEC 22, 29, 2018 JAN 05, 12, 2019
FICTITIOUS BUSINESS NAME STATEMENT FILE NO. 2018-307922 THE FOLLOWING PERSON(S) IS (ARE) DOING BUSINESS AS: JAVIER'S UPHOLSTERY, 4212 E CESAR CHAVEZ AVE, LOS ANGELES, CA 90022. FULL NAME OF REGISTRANT(S) IS (ARE) JAVIER CALDERON. THIS BUSINESS IS CONDUCTED BY: AN INDIVIDUAL.
Publish: ED Mountain Views News Dates Pub: DEC 22, 29, 2018 JAN 05, 12, 2019
Mountain Views News	80 W Sierra Madre Blvd. No. 327 Sierra Madre, Ca. 91024	Office: 626.355.2737	Fax: 626.609.3285	Email: editor@mtnviewsnews.com	Website: www.mtnviewsnews.com
